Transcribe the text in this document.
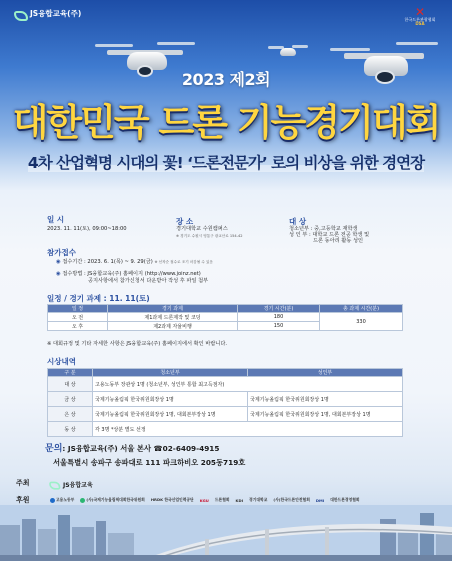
JS융합교육(주)	✕
한국드론관광협회
DSA
2023 제2회
대한민국 드론 기능경기대회
4차 산업혁명 시대의 꽃! ‘드론전문가’ 로의 비상을 위한 경연장
일 시
2023. 11. 11(토), 09:00~18:00
장 소
경기대학교 수원캠퍼스
※ 경기도 수원시 영통구 광교산로 154-42
대 상
청소년부 : 중,고등학교 재학생
성 인 부 : 대학교 드론 전공 학생 및
드론 동아리 활동 성인
참가접수
◉ 접수기간 : 2023. 6. 1(목) ~ 9. 29(금) ※ 선착순 접수로 조기 마감될 수 있음
◉ 접수방법 : JS융합교육(주) 홈페이지 (http://www.joinz.net)
공지사항에서 참가신청서 다운받아 작성 후 파일 첨부
일정 / 경기 과제 : 11. 11(토)
일 정	경기 과제	경기 시간(분)	총 과제 시간(분)
오 전	제1과제 드론제작 및 코딩	180	330
오 후	제2과제 자율비행	150	
※ 대회규정 및 기타 자세한 사항은 JS융합교육(주) 홈페이지에서 확인 바랍니다.
시상내역
구 분	청소년부	성인부
대 상	고용노동부 장관상 1명 (청소년부, 성인부 통합 최고득점자)	
금 상	국제기능올림픽 한국위원회장상 1명	국제기능올림픽 한국위원회장상 1명
은 상	국제기능올림픽 한국위원회장상 1명, 대회본부장상 1명	국제기능올림픽 한국위원회장상 1명, 대회본부장상 1명
동 상	각 3명 *상분 별도 선정	
문의: JS융합교육(주) 서울 본사 ☎02-6409-4915
서울특별시 송파구 송파대로 111 파크하비오 205동719호
주최	JS융합교육
후원	고용노동부	(사)국제기능올림픽대회한국위원회 HRDK 한국산업인력공단 KGU 드론협회 KDI 경기대학교 (사)한국드론안전협회 DMI 대한드론경영협회
